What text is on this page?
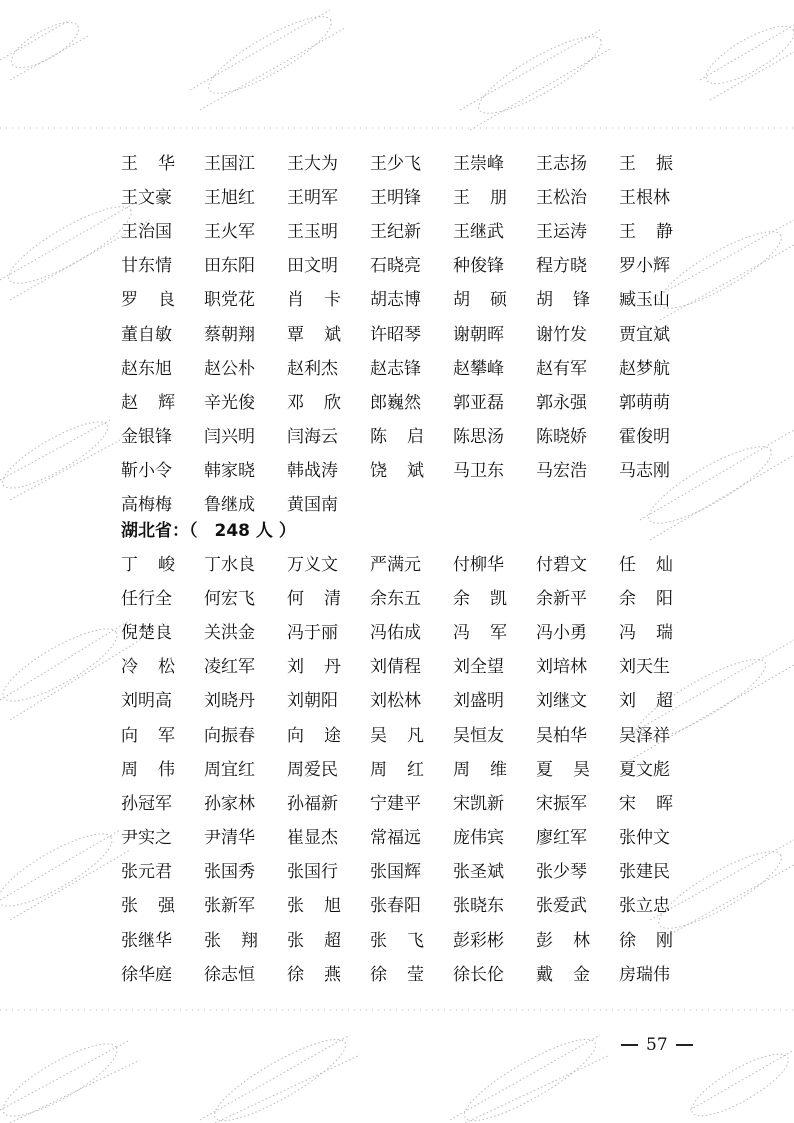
王 华 王国江 王大为 王少飞 王崇峰 王志扬 王 振
王文豪 王旭红 王明军 王明锋 王 朋 王松治 王根林
王治国 王火军 王玉明 王纪新 王继武 王运涛 王 静
甘东情 田东阳 田文明 石晓亮 种俊锋 程方晓 罗小辉
罗 良 职党花 肖 卡 胡志博 胡 硕 胡 锋 臧玉山
董自敏 蔡朝翔 覃 斌 许昭琴 谢朝晖 谢竹发 贾宜斌
赵东旭 赵公朴 赵利杰 赵志锋 赵攀峰 赵有军 赵梦航
赵 辉 辛光俊 邓 欣 郎巍然 郭亚磊 郭永强 郭萌萌
金银锋 闫兴明 闫海云 陈 启 陈思汤 陈晓娇 霍俊明
靳小令 韩家晓 韩战涛 饶 斌 马卫东 马宏浩 马志刚
高梅梅 鲁继成 黄国南
湖北省：（　248 人 ）
丁 峻 丁水良 万义文 严满元 付柳华 付碧文 任 灿
任行全 何宏飞 何 清 余东五 余 凯 余新平 余 阳
倪楚良 关洪金 冯于丽 冯佑成 冯 军 冯小勇 冯 瑞
冷 松 凌红军 刘 丹 刘倩程 刘全望 刘培林 刘天生
刘明高 刘晓丹 刘朝阳 刘松林 刘盛明 刘继文 刘 超
向 军 向振春 向 途 吴 凡 吴恒友 吴柏华 吴泽祥
周 伟 周宜红 周爱民 周 红 周 维 夏 昊 夏文彪
孙冠军 孙家林 孙福新 宁建平 宋凯新 宋振军 宋 晖
尹实之 尹清华 崔显杰 常福远 庞伟宾 廖红军 张仲文
张元君 张国秀 张国行 张国辉 张圣斌 张少琴 张建民
张 强 张新军 张 旭 张春阳 张晓东 张爱武 张立忠
张继华 张 翔 张 超 张 飞 彭彩彬 彭 林 徐 刚
徐华庭 徐志恒 徐 燕 徐 莹 徐长伦 戴 金 房瑞伟
57
